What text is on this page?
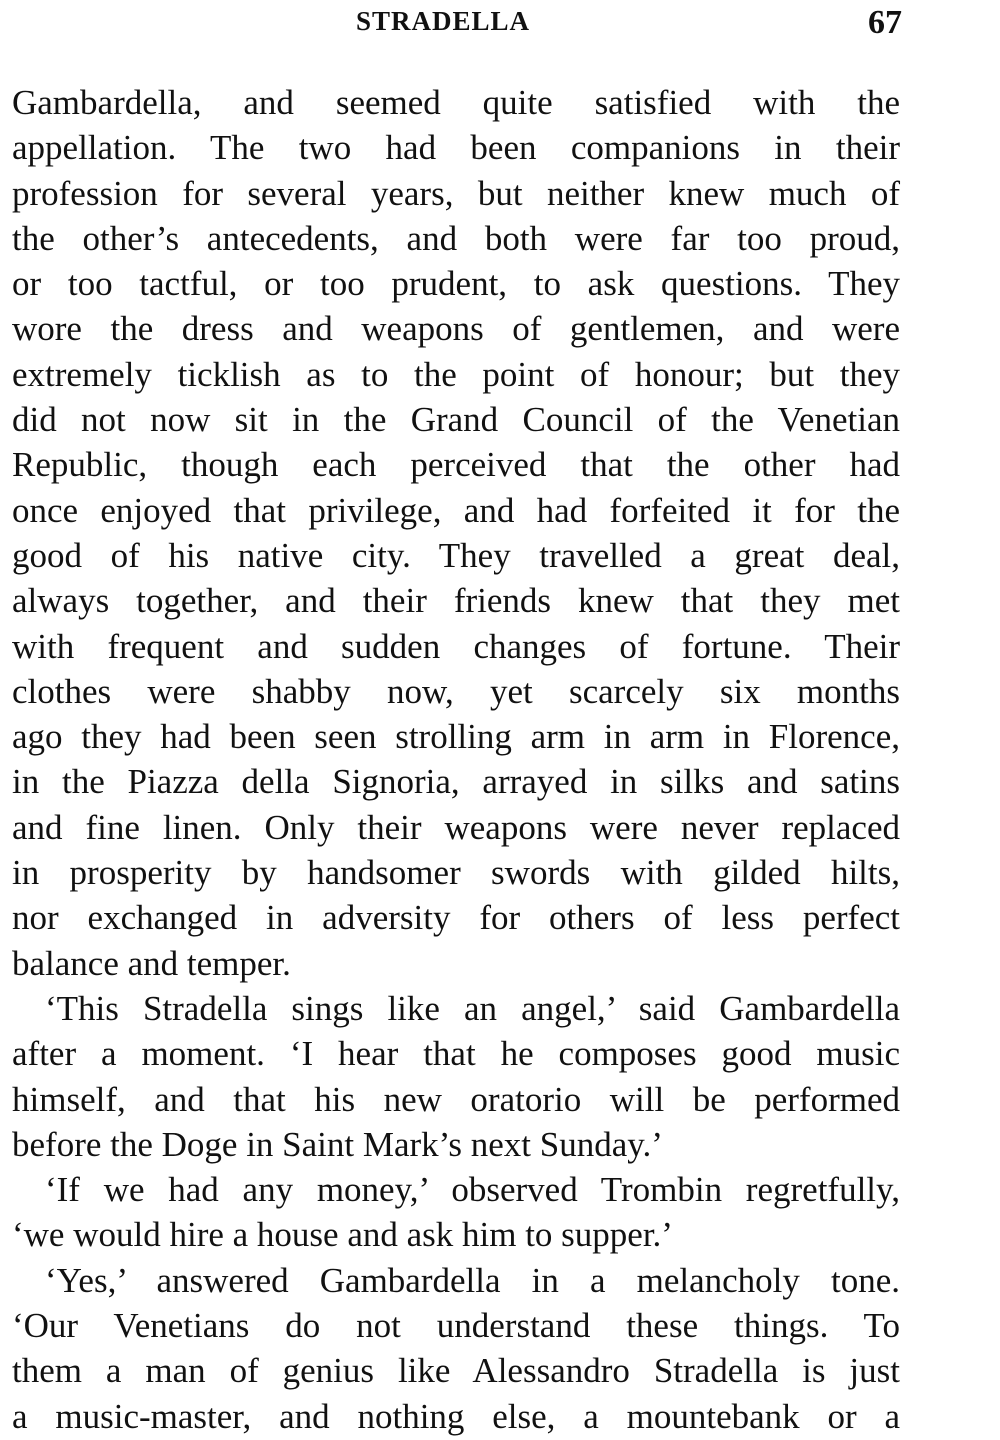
STRADELLA	67
Gambardella, and seemed quite satisfied with the
appellation. The two had been companions in their
profession for several years, but neither knew much of
the other’s antecedents, and both were far too proud,
or too tactful, or too prudent, to ask questions. They
wore the dress and weapons of gentlemen, and were
extremely ticklish as to the point of honour; but they
did not now sit in the Grand Council of the Venetian
Republic, though each perceived that the other had
once enjoyed that privilege, and had forfeited it for the
good of his native city. They travelled a great deal,
always together, and their friends knew that they met
with frequent and sudden changes of fortune. Their
clothes were shabby now, yet scarcely six months
ago they had been seen strolling arm in arm in Florence,
in the Piazza della Signoria, arrayed in silks and satins
and fine linen. Only their weapons were never replaced
in prosperity by handsomer swords with gilded hilts,
nor exchanged in adversity for others of less perfect
balance and temper.
‘This Stradella sings like an angel,’ said Gambardella
after a moment. ‘I hear that he composes good music
himself, and that his new oratorio will be performed
before the Doge in Saint Mark’s next Sunday.’
‘If we had any money,’ observed Trombin regretfully,
‘we would hire a house and ask him to supper.’
‘Yes,’ answered Gambardella in a melancholy tone.
‘Our Venetians do not understand these things. To
them a man of genius like Alessandro Stradella is just
a music-master, and nothing else, a mountebank or a
